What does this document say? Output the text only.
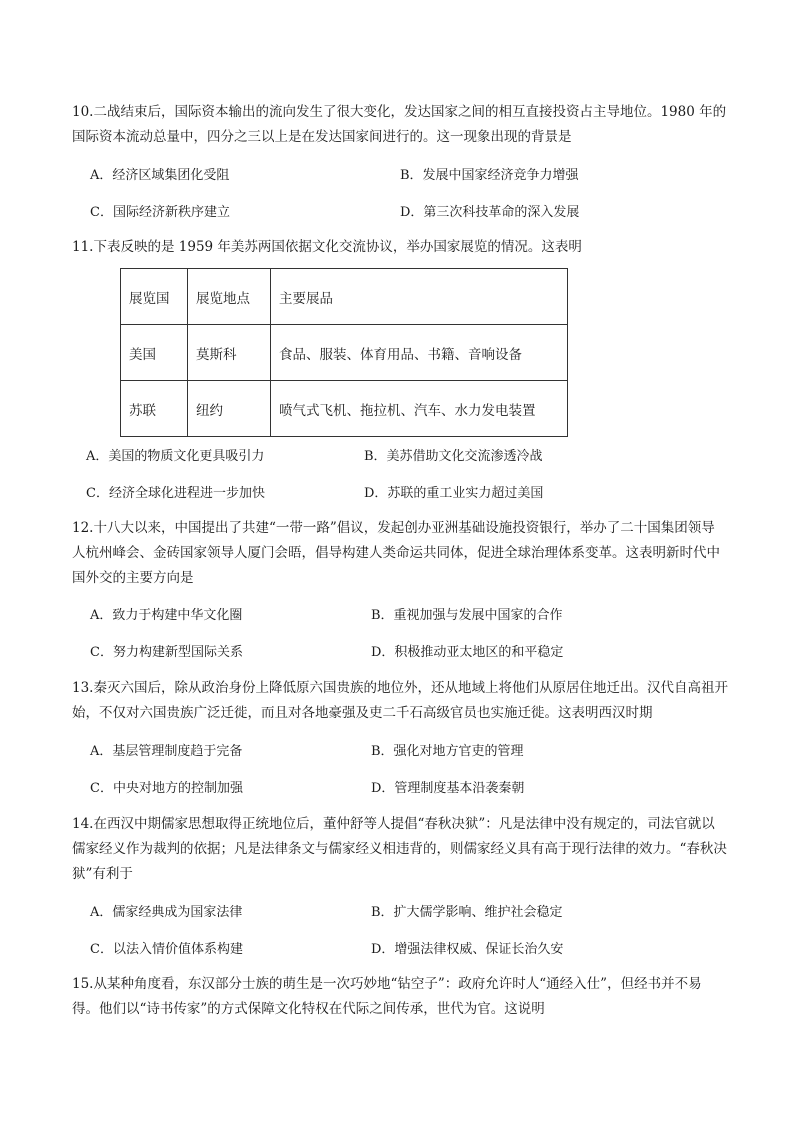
10.二战结束后，国际资本输出的流向发生了很大变化，发达国家之间的相互直接投资占主导地位。1980 年的国际资本流动总量中，四分之三以上是在发达国家间进行的。这一现象出现的背景是

A．经济区域集团化受阻	B．发展中国家经济竞争力增强
C．国际经济新秩序建立	D．第三次科技革命的深入发展

11.下表反映的是 1959 年美苏两国依据文化交流协议，举办国家展览的情况。这表明

展览国	展览地点	主要展品
美国	莫斯科	食品、服装、体育用品、书籍、音响设备
苏联	纽约	喷气式飞机、拖拉机、汽车、水力发电装置
A．美国的物质文化更具吸引力	B．美苏借助文化交流渗透冷战
C．经济全球化进程进一步加快	D．苏联的重工业实力超过美国

12.十八大以来，中国提出了共建“一带一路”倡议，发起创办亚洲基础设施投资银行，举办了二十国集团领导人杭州峰会、金砖国家领导人厦门会晤，倡导构建人类命运共同体，促进全球治理体系变革。这表明新时代中国外交的主要方向是

A．致力于构建中华文化圈	B．重视加强与发展中国家的合作
C．努力构建新型国际关系	D．积极推动亚太地区的和平稳定

13.秦灭六国后，除从政治身份上降低原六国贵族的地位外，还从地域上将他们从原居住地迁出。汉代自高祖开始，不仅对六国贵族广泛迁徙，而且对各地豪强及吏二千石高级官员也实施迁徙。这表明西汉时期

A．基层管理制度趋于完备	B．强化对地方官吏的管理
C．中央对地方的控制加强	D．管理制度基本沿袭秦朝

14.在西汉中期儒家思想取得正统地位后，董仲舒等人提倡“春秋决狱”：凡是法律中没有规定的，司法官就以儒家经义作为裁判的依据；凡是法律条文与儒家经义相违背的，则儒家经义具有高于现行法律的效力。“春秋决狱”有利于

A．儒家经典成为国家法律	B．扩大儒学影响、维护社会稳定
C．以法入情价值体系构建	D．增强法律权威、保证长治久安

15.从某种角度看，东汉部分士族的萌生是一次巧妙地“钻空子”：政府允许时人“通经入仕”，但经书并不易得。他们以“诗书传家”的方式保障文化特权在代际之间传承，世代为官。这说明
